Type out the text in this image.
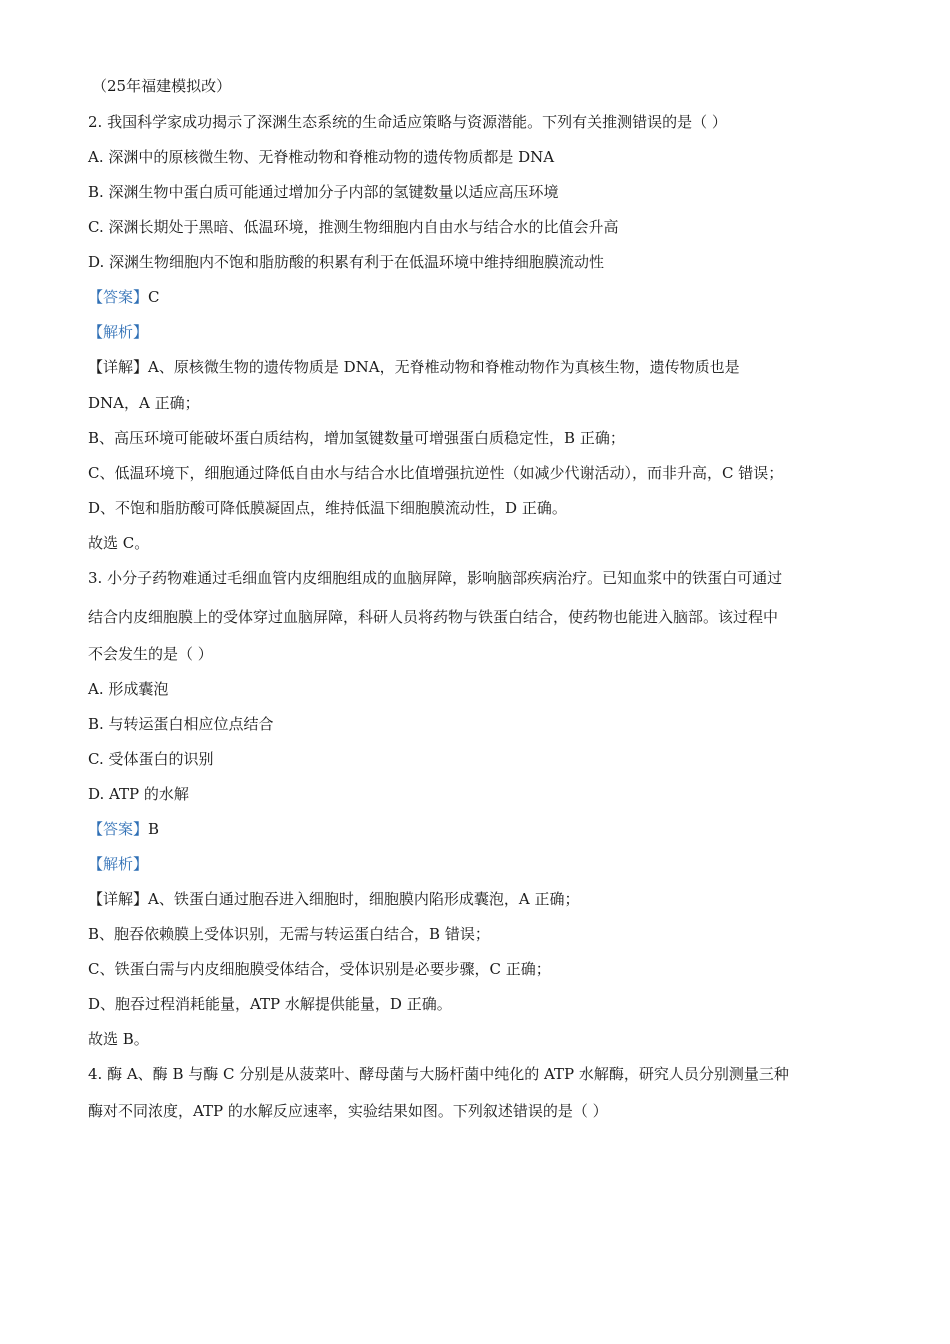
（25年福建模拟改）
2. 我国科学家成功揭示了深渊生态系统的生命适应策略与资源潜能。下列有关推测错误的是（ ）
A. 深渊中的原核微生物、无脊椎动物和脊椎动物的遗传物质都是 DNA
B. 深渊生物中蛋白质可能通过增加分子内部的氢键数量以适应高压环境
C. 深渊长期处于黑暗、低温环境，推测生物细胞内自由水与结合水的比值会升高
D. 深渊生物细胞内不饱和脂肪酸的积累有利于在低温环境中维持细胞膜流动性
【答案】C
【解析】
【详解】A、原核微生物的遗传物质是 DNA，无脊椎动物和脊椎动物作为真核生物，遗传物质也是
DNA，A 正确；
B、高压环境可能破坏蛋白质结构，增加氢键数量可增强蛋白质稳定性，B 正确；
C、低温环境下，细胞通过降低自由水与结合水比值增强抗逆性（如减少代谢活动），而非升高，C 错误；
D、不饱和脂肪酸可降低膜凝固点，维持低温下细胞膜流动性，D 正确。
故选 C。
3. 小分子药物难通过毛细血管内皮细胞组成的血脑屏障，影响脑部疾病治疗。已知血浆中的铁蛋白可通过
结合内皮细胞膜上的受体穿过血脑屏障，科研人员将药物与铁蛋白结合，使药物也能进入脑部。该过程中
不会发生的是（ ）
A. 形成囊泡
B. 与转运蛋白相应位点结合
C. 受体蛋白的识别
D. ATP 的水解
【答案】B
【解析】
【详解】A、铁蛋白通过胞吞进入细胞时，细胞膜内陷形成囊泡，A 正确；
B、胞吞依赖膜上受体识别，无需与转运蛋白结合，B 错误；
C、铁蛋白需与内皮细胞膜受体结合，受体识别是必要步骤，C 正确；
D、胞吞过程消耗能量，ATP 水解提供能量，D 正确。
故选 B。
4. 酶 A、酶 B 与酶 C 分别是从菠菜叶、酵母菌与大肠杆菌中纯化的 ATP 水解酶，研究人员分别测量三种
酶对不同浓度，ATP 的水解反应速率，实验结果如图。下列叙述错误的是（ ）
